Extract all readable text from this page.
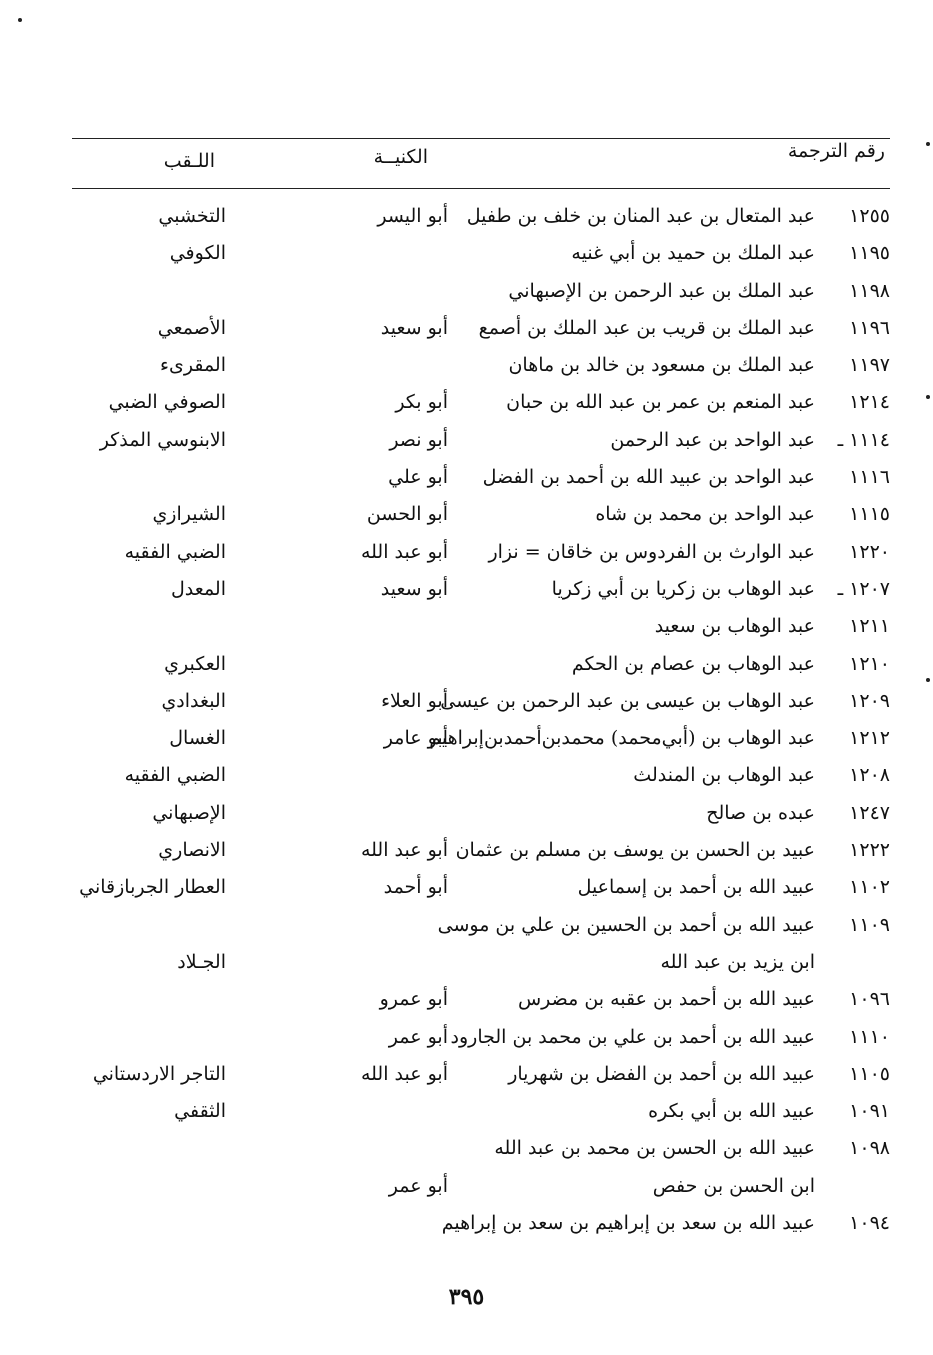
رقم الترجمة
الكنيــة
اللـقب
١٢٥٥
عبد المتعال بن عبد المنان بن خلف بن طفيل
أبو اليسر
التخشبي
١١٩٥
عبد الملك بن حميد بن أبي غنيه
الكوفي
١١٩٨
عبد الملك بن عبد الرحمن بن الإصبهاني
١١٩٦
عبد الملك بن قريب بن عبد الملك بن أصمع
أبو سعيد
الأصمعي
١١٩٧
عبد الملك بن مسعود بن خالد بن ماهان
المقرىء
١٢١٤
عبد المنعم بن عمر بن عبد الله بن حبان
أبو بكر
الصوفي الضبي
١١١٤ ـ
عبد الواحد بن عبد الرحمن
أبو نصر
الابنوسي المذكر
١١١٦
عبد الواحد بن عبيد الله بن أحمد بن الفضل
أبو علي
١١١٥
عبد الواحد بن محمد بن شاه
أبو الحسن
الشيرازي
١٢٢٠
عبد الوارث بن الفردوس بن خاقان = نزار
أبو عبد الله
الضبي الفقيه
١٢٠٧ ـ
عبد الوهاب بن زكريا بن أبي زكريا
أبو سعيد
المعدل
١٢١١
عبد الوهاب بن سعيد
١٢١٠
عبد الوهاب بن عصام بن الحكم
العكبري
١٢٠٩
عبد الوهاب بن عيسى بن عبد الرحمن بن عيسى
أبو العلاء
البغدادي
١٢١٢
عبد الوهاب بن (أبي‌محمد) محمدبن‌أحمدبن‌إبراهيم
أبو عامر
الغسال
١٢٠٨
عبد الوهاب بن المندلث
الضبي الفقيه
١٢٤٧
عبده بن صالح
الإصبهاني
١٢٢٢
عبيد بن الحسن بن يوسف بن مسلم بن عثمان
أبو عبد الله
الانصاري
١١٠٢
عبيد الله بن أحمد بن إسماعيل
أبو أحمد
العطار الجربازقاني
١١٠٩
عبيد الله بن أحمد بن الحسين بن علي بن موسى
ابن يزيد بن عبد الله
الجـلاد
١٠٩٦
عبيد الله بن أحمد بن عقبه بن مضرس
أبو عمرو
١١١٠
عبيد الله بن أحمد بن علي بن محمد بن الجارود
أبو عمر
١١٠٥
عبيد الله بن أحمد بن الفضل بن شهريار
أبو عبد الله
التاجر الاردستاني
١٠٩١
عبيد الله بن أبي بكره
الثقفي
١٠٩٨
عبيد الله بن الحسن بن محمد بن عبد الله
ابن الحسن بن حفص
أبو عمر
١٠٩٤
عبيد الله بن سعد بن إبراهيم بن سعد بن إبراهيم
٣٩٥
